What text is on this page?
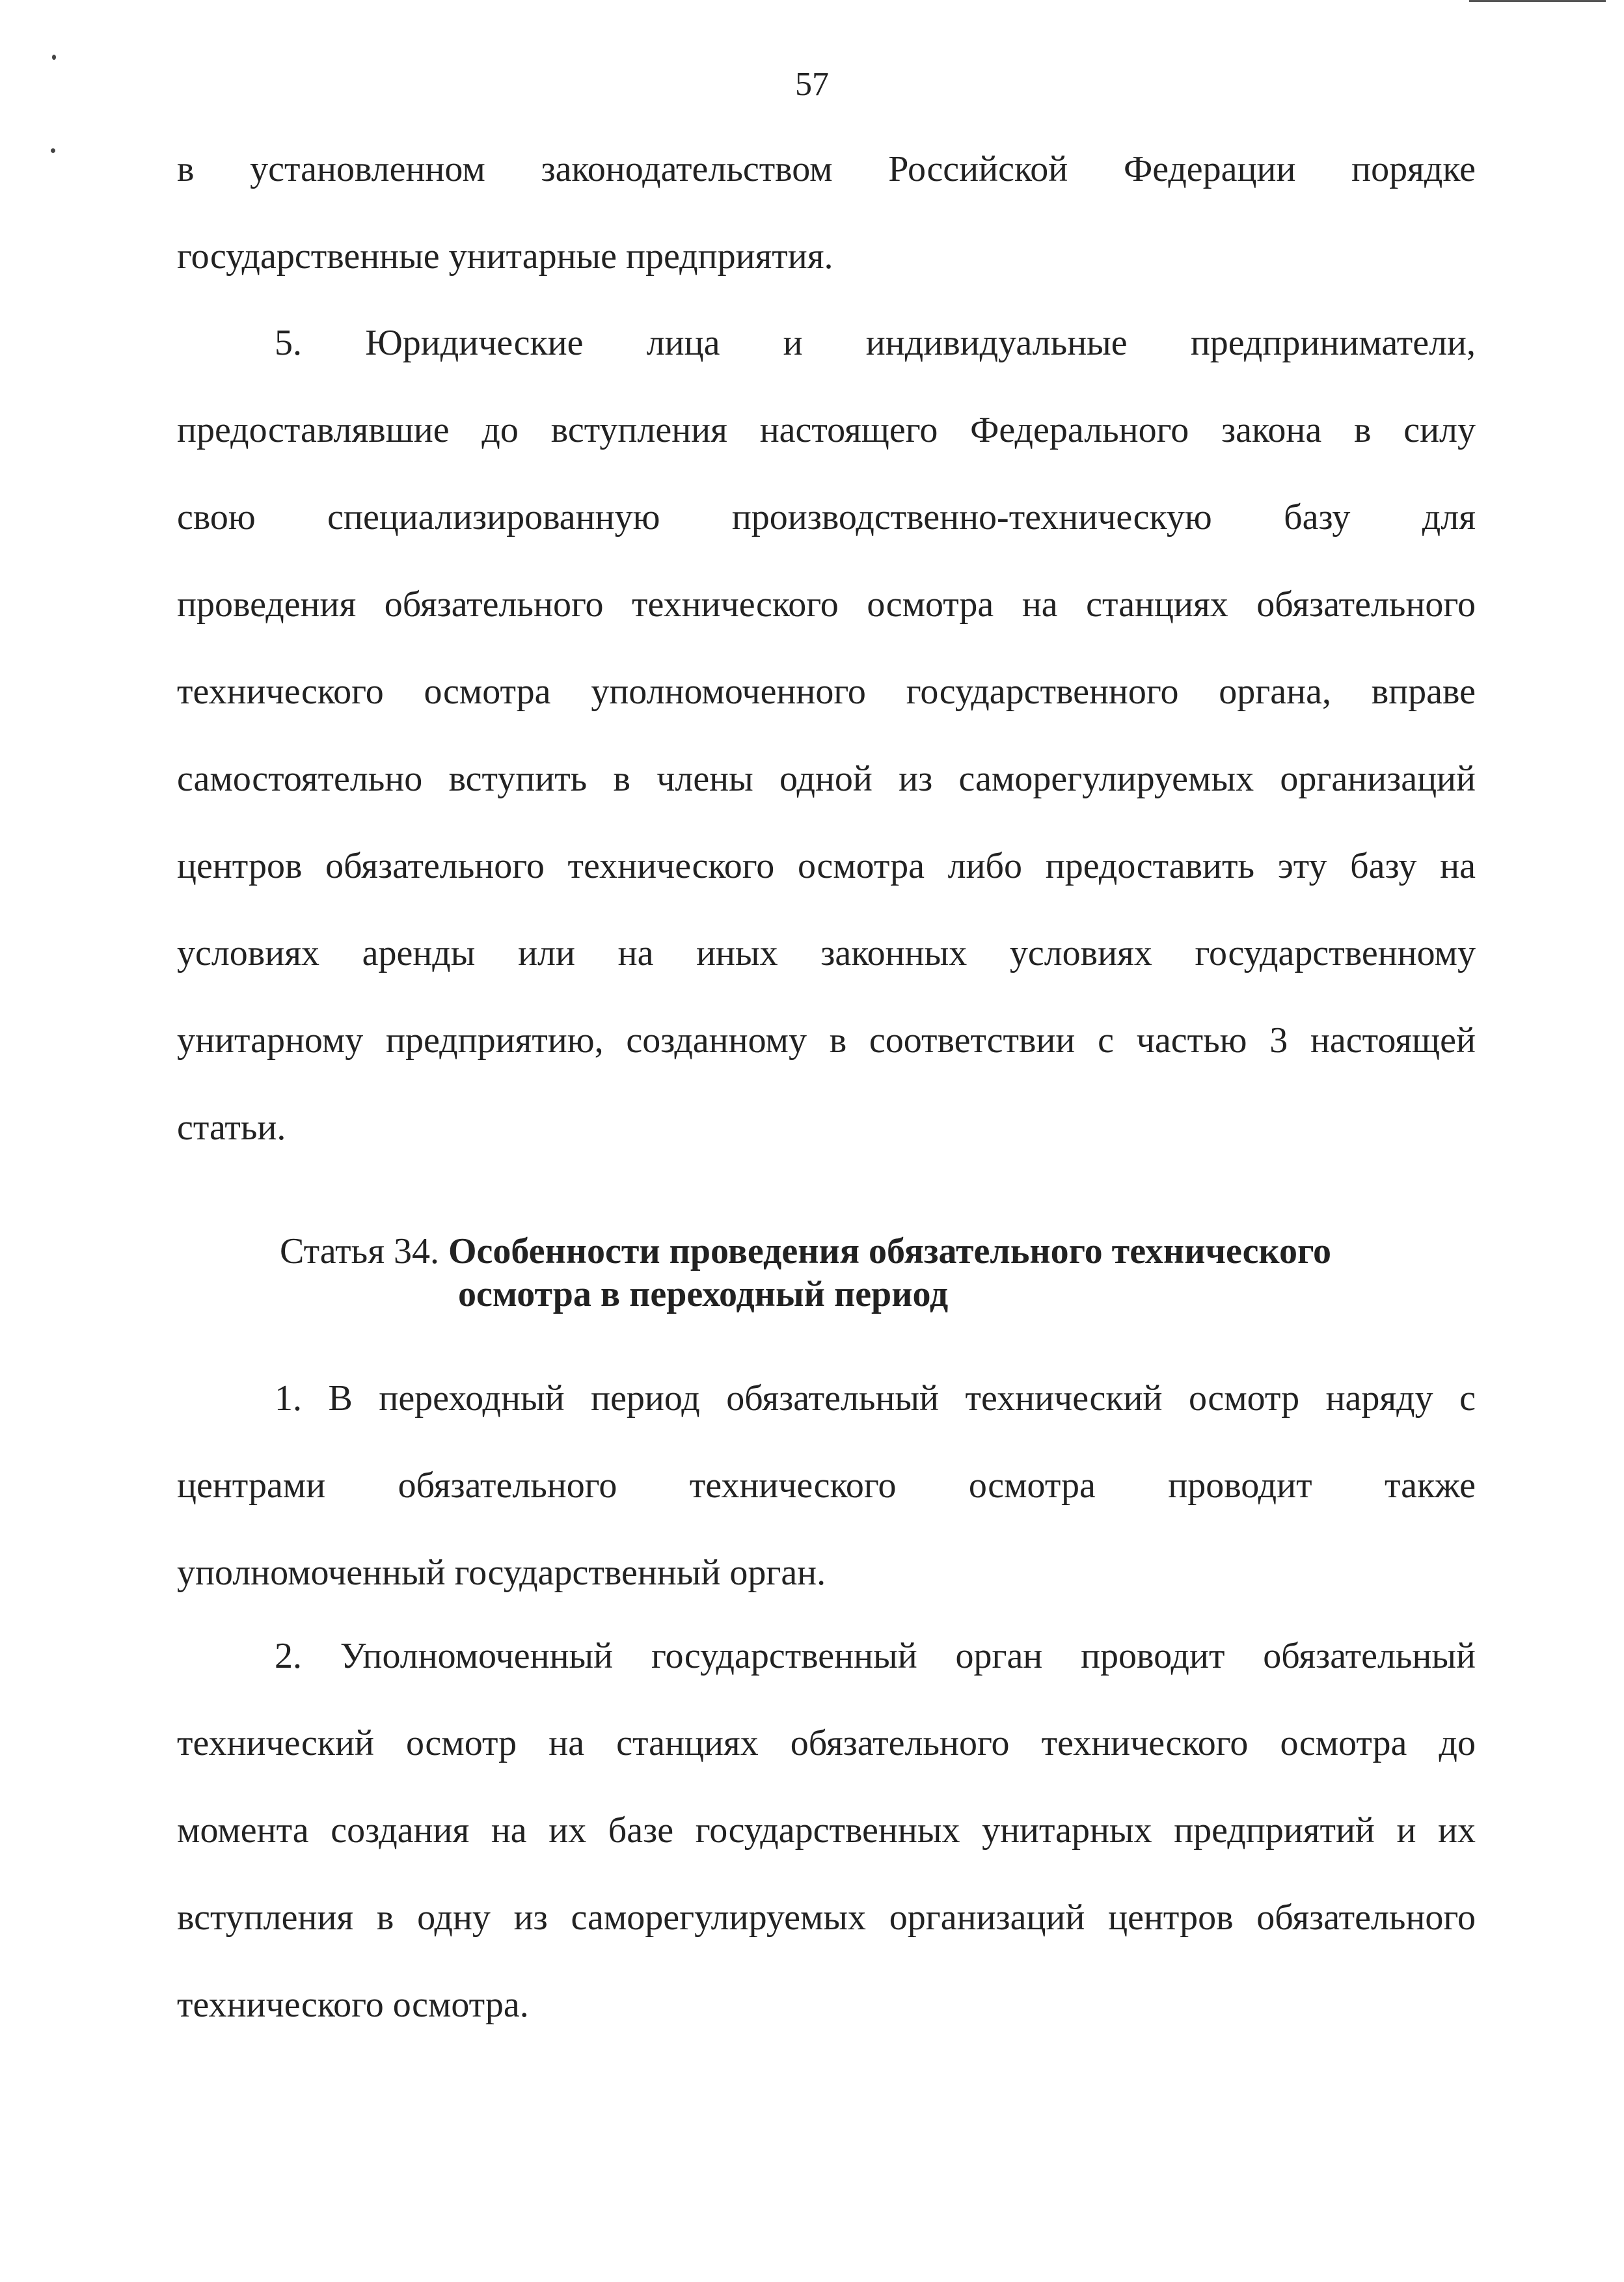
57
в установленном законодательством Российской Федерации порядке
государственные унитарные предприятия.
5. Юридические лица и индивидуальные предприниматели,
предоставлявшие до вступления настоящего Федерального закона в силу
свою специализированную производственно-техническую базу для
проведения обязательного технического осмотра на станциях обязательного
технического осмотра уполномоченного государственного органа, вправе
самостоятельно вступить в члены одной из саморегулируемых организаций
центров обязательного технического осмотра либо предоставить эту базу на
условиях аренды или на иных законных условиях государственному
унитарному предприятию, созданному в соответствии с частью 3 настоящей
статьи.
Статья 34. Особенности проведения обязательного технического
осмотра в переходный период
1. В переходный период обязательный технический осмотр наряду с
центрами обязательного технического осмотра проводит также
уполномоченный государственный орган.
2. Уполномоченный государственный орган проводит обязательный
технический осмотр на станциях обязательного технического осмотра до
момента создания на их базе государственных унитарных предприятий и их
вступления в одну из саморегулируемых организаций центров обязательного
технического осмотра.
